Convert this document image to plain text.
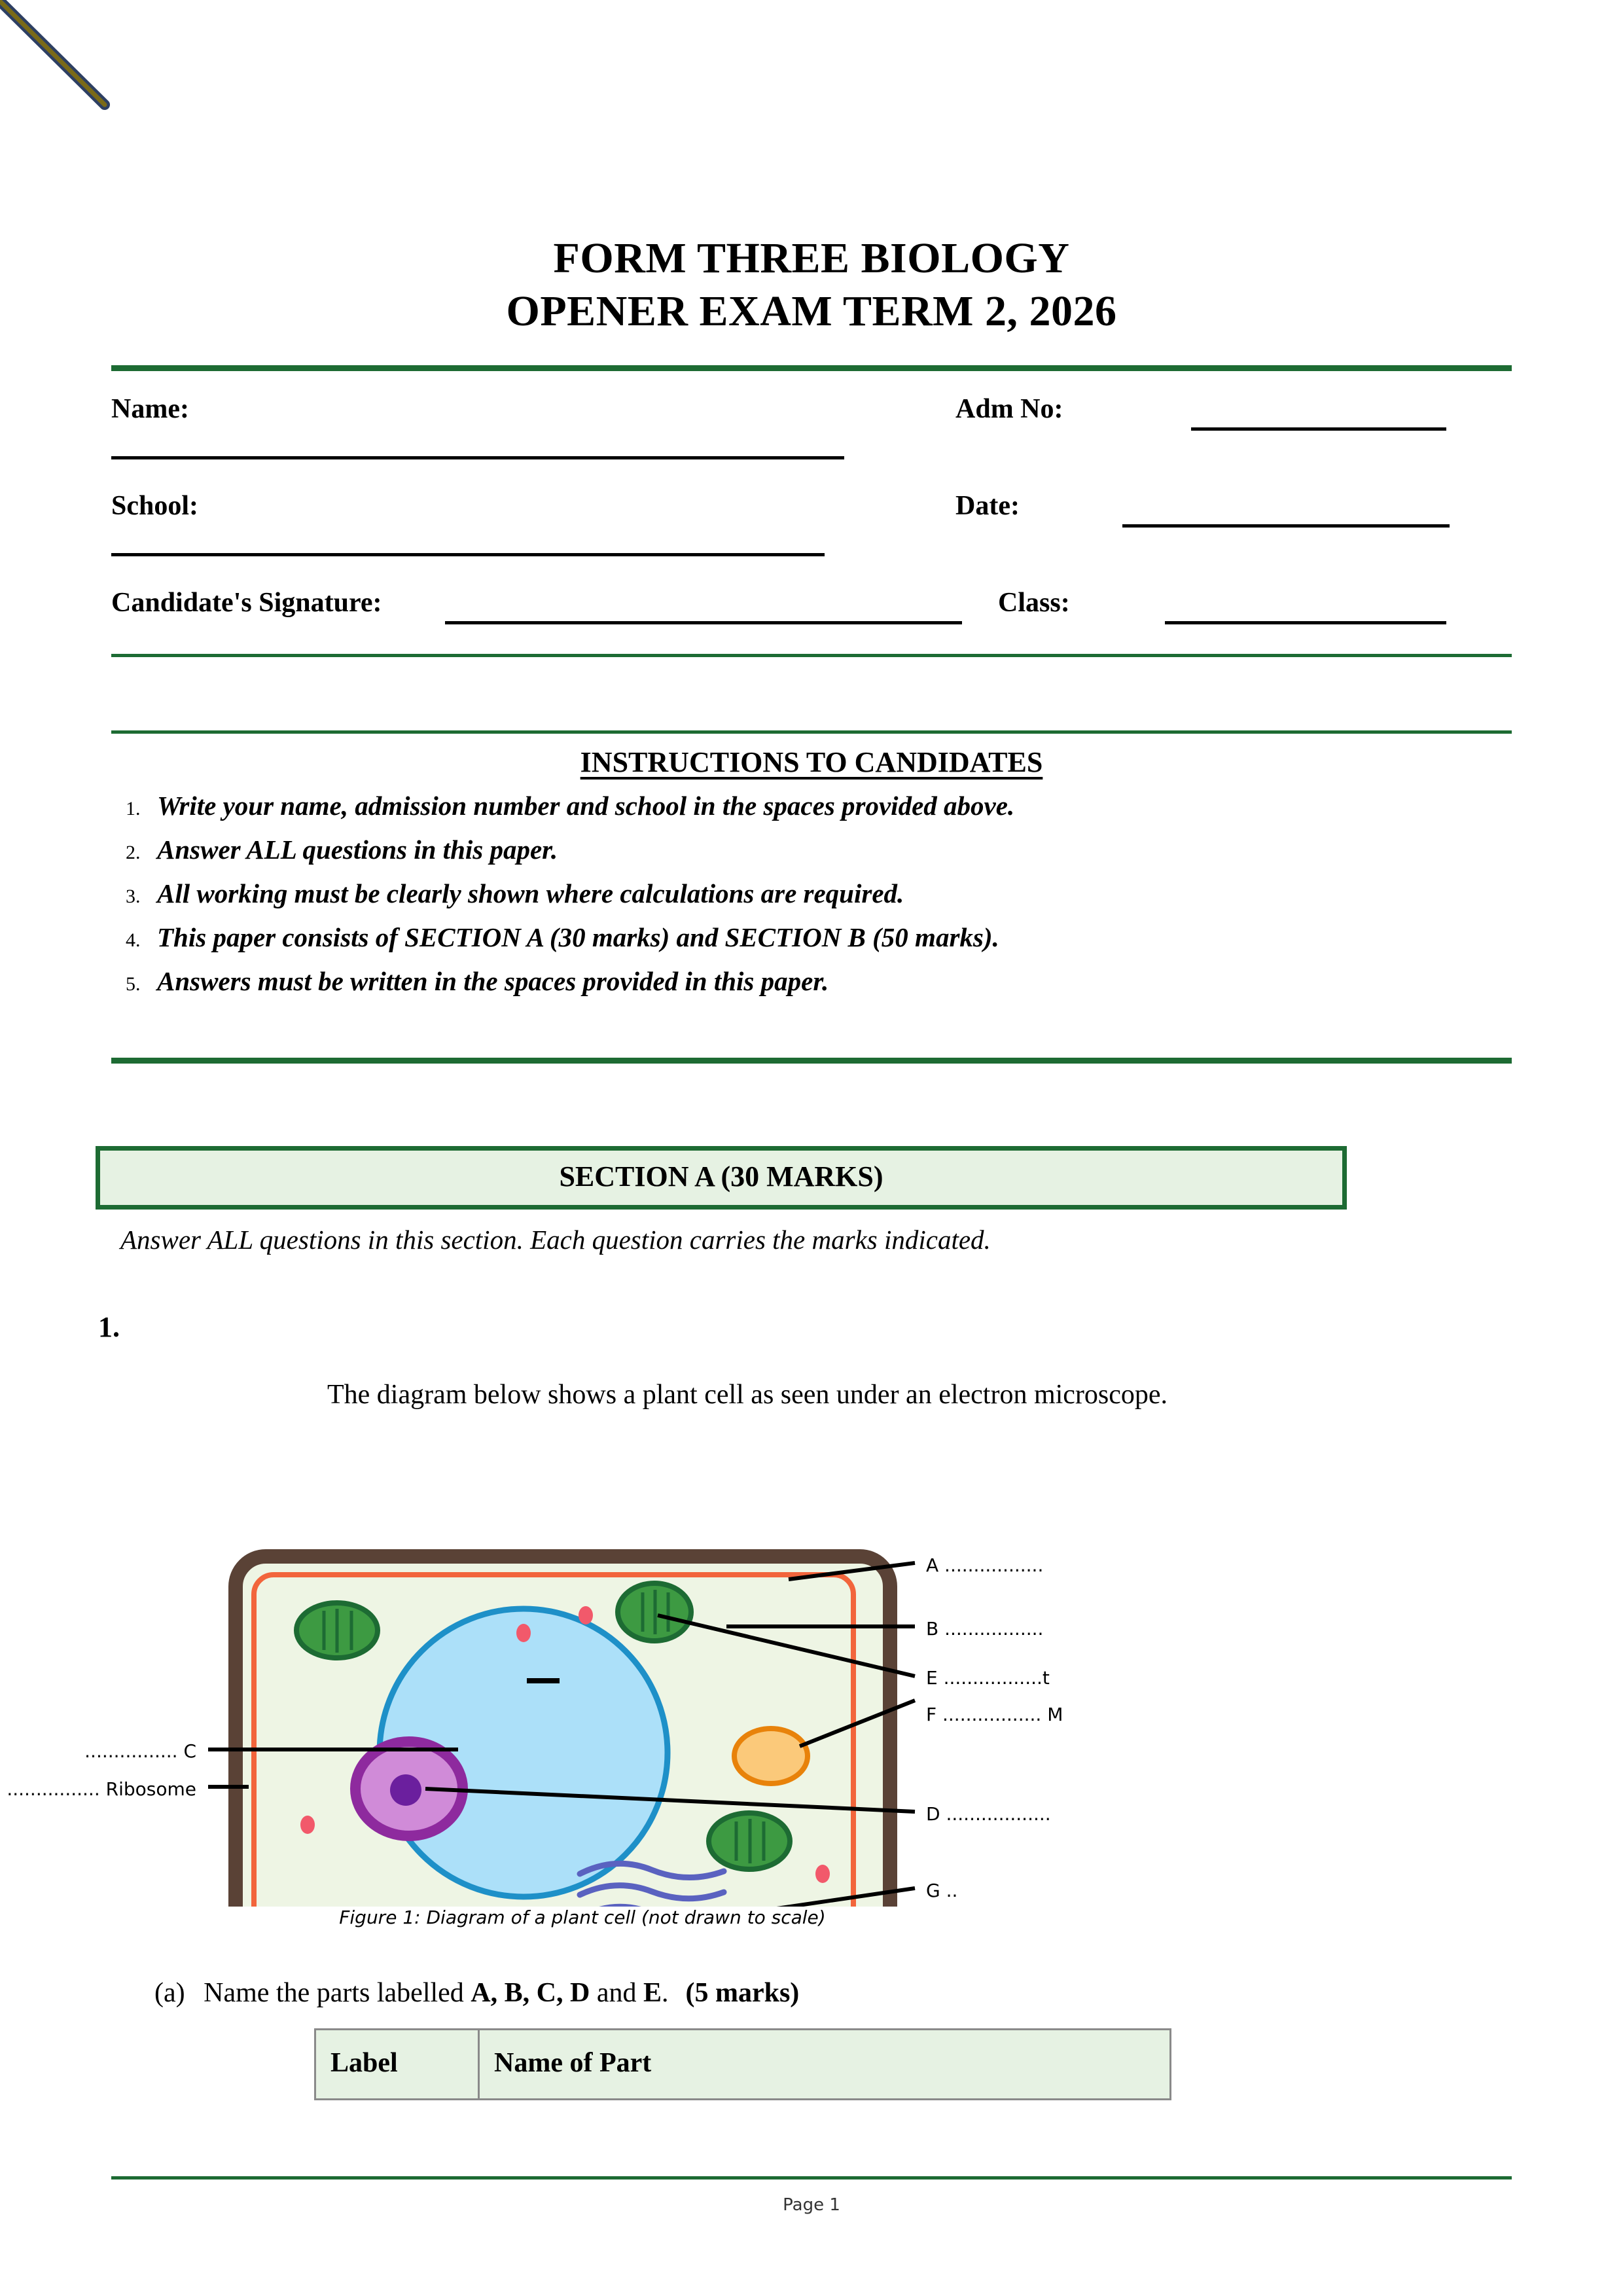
FORM THREE BIOLOGY
OPENER EXAM TERM 2, 2026
Name:	Adm No:
School:	Date:
Candidate's Signature:	Class:
INSTRUCTIONS TO CANDIDATES
1. Write your name, admission number and school in the spaces provided above.
2. Answer ALL questions in this paper.
3. All working must be clearly shown where calculations are required.
4. This paper consists of SECTION A (30 marks) and SECTION B (50 marks).
5. Answers must be written in the spaces provided in this paper.
SECTION A (30 MARKS)
Answer ALL questions in this section. Each question carries the marks indicated.
1.
The diagram below shows a plant cell as seen under an electron microscope.
A .................
B .................
E .................t
F ................. M
D ..................
G ..
................ C
................ Ribosome
Figure 1: Diagram of a plant cell (not drawn to scale)
(a) Name the parts labelled A, B, C, D and E. (5 marks)
Label	Name of Part
Page 1
